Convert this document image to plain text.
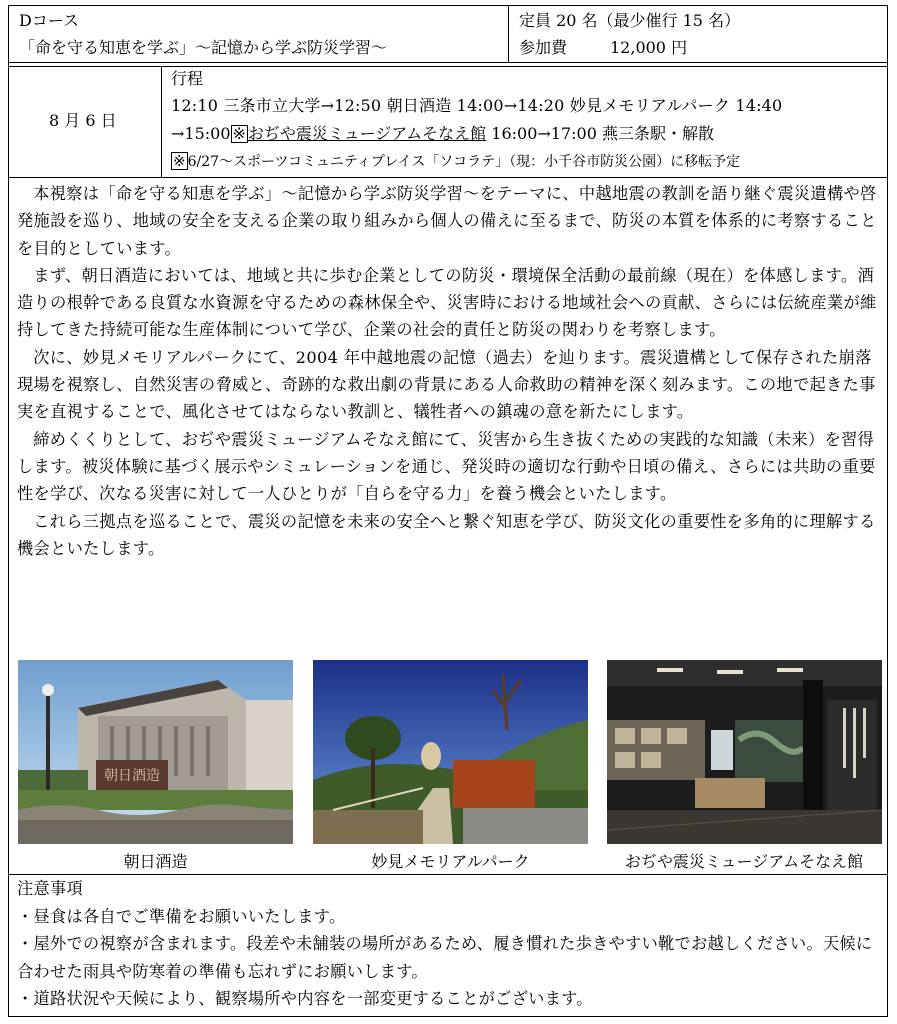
Dコース
「命を守る知恵を学ぶ」～記憶から学ぶ防災学習～
定員 20 名（最少催行 15 名）
参加費	12,000 円
8 月 6 日
行程
12:10 三条市立大学→12:50 朝日酒造 14:00→14:20 妙見メモリアルパーク 14:40
→15:00 ※ おぢや震災ミュージアムそなえ館 16:00→17:00 燕三条駅・解散
※ 6/27～スポーツコミュニティプレイス「ソコラテ」（現：小千谷市防災公園）に移転予定

本視察は「命を守る知恵を学ぶ」～記憶から学ぶ防災学習～をテーマに、中越地震の教訓を語り継ぐ震災遺構や啓発施設を巡り、地域の安全を支える企業の取り組みから個人の備えに至るまで、防災の本質を体系的に考察することを目的としています。

まず、朝日酒造においては、地域と共に歩む企業としての防災・環境保全活動の最前線（現在）を体感します。酒造りの根幹である良質な水資源を守るための森林保全や、災害時における地域社会への貢献、さらには伝統産業が維持してきた持続可能な生産体制について学び、企業の社会的責任と防災の関わりを考察します。

次に、妙見メモリアルパークにて、2004 年中越地震の記憶（過去）を辿ります。震災遺構として保存された崩落現場を視察し、自然災害の脅威と、奇跡的な救出劇の背景にある人命救助の精神を深く刻みます。この地で起きた事実を直視することで、風化させてはならない教訓と、犠牲者への鎮魂の意を新たにします。

締めくくりとして、おぢや震災ミュージアムそなえ館にて、災害から生き抜くための実践的な知識（未来）を習得します。被災体験に基づく展示やシミュレーションを通じ、発災時の適切な行動や日頃の備え、さらには共助の重要性を学び、次なる災害に対して一人ひとりが「自らを守る力」を養う機会といたします。

これら三拠点を巡ることで、震災の記憶を未来の安全へと繋ぐ知恵を学び、防災文化の重要性を多角的に理解する機会といたします。

朝日酒造
朝日酒造	妙見メモリアルパーク	おぢや震災ミュージアムそなえ館
注意事項
・昼食は各自でご準備をお願いいたします。
・屋外での視察が含まれます。段差や未舗装の場所があるため、履き慣れた歩きやすい靴でお越しください。天候に合わせた雨具や防寒着の準備も忘れずにお願いします。
・道路状況や天候により、観察場所や内容を一部変更することがございます。
